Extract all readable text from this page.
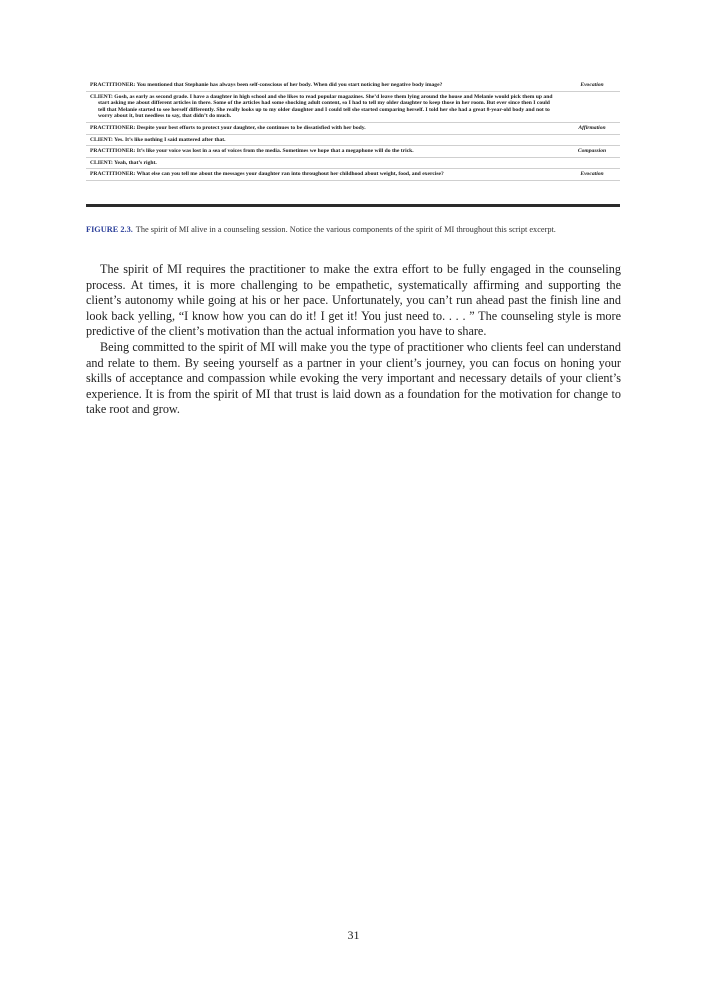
PRACTITIONER: You mentioned that Stephanie has always been self-conscious of her body. When did you start noticing her negative body image?	Evocation

CLIENT: Gosh, as early as second grade. I have a daughter in high school and she likes to read popular magazines. She’d leave them lying around the house and Melanie would pick them up and start asking me about different articles in there. Some of the articles had some shocking adult content, so I had to tell my older daughter to keep those in her room. But ever since then I could tell that Melanie started to see herself differently. She really looks up to my older daughter and I could tell she started comparing herself. I told her she had a great 8-year-old body and not to worry about it, but needless to say, that didn’t do much.	

PRACTITIONER: Despite your best efforts to protect your daughter, she continues to be dissatisfied with her body.	Affirmation

CLIENT: Yes. It’s like nothing I said mattered after that.	

PRACTITIONER: It’s like your voice was lost in a sea of voices from the media. Sometimes we hope that a megaphone will do the trick.	Compassion

CLIENT: Yeah, that’s right.	

PRACTITIONER: What else can you tell me about the messages your daughter ran into throughout her childhood about weight, food, and exercise?	Evocation
FIGURE 2.3. The spirit of MI alive in a counseling session. Notice the various components of the spirit of MI throughout this script excerpt.

The spirit of MI requires the practitioner to make the extra effort to be fully engaged in the counseling process. At times, it is more challenging to be empathetic, systematically affirming and supporting the client’s autonomy while going at his or her pace. Unfortunately, you can’t run ahead past the finish line and look back yelling, “I know how you can do it! I get it! You just need to. . . . ” The counseling style is more predictive of the client’s motivation than the actual information you have to share.

Being committed to the spirit of MI will make you the type of practitioner who clients feel can understand and relate to them. By seeing yourself as a partner in your client’s journey, you can focus on honing your skills of acceptance and compassion while evoking the very important and necessary details of your client’s experience. It is from the spirit of MI that trust is laid down as a foundation for the motivation for change to take root and grow.

31
